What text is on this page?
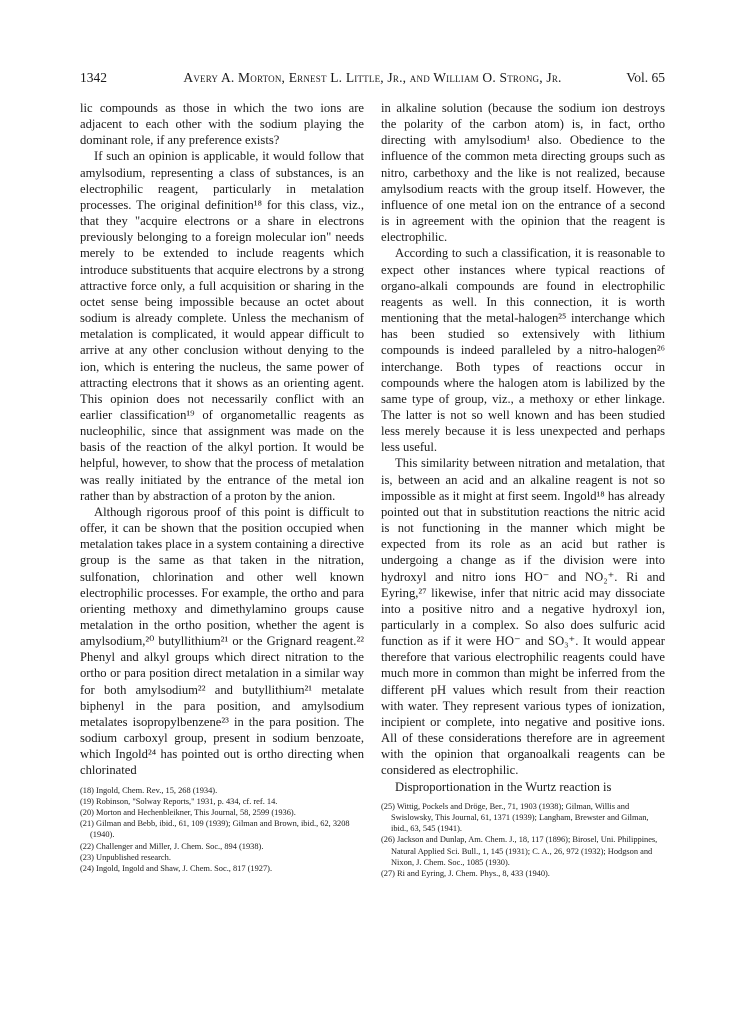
1342	Avery A. Morton, Ernest L. Little, Jr., and William O. Strong, Jr.	Vol. 65

lic compounds as those in which the two ions are adjacent to each other with the sodium playing the dominant role, if any preference exists?

If such an opinion is applicable, it would follow that amylsodium, representing a class of substances, is an electrophilic reagent, particularly in metalation processes. The original definition¹⁸ for this class, viz., that they "acquire electrons or a share in electrons previously belonging to a foreign molecular ion" needs merely to be extended to include reagents which introduce substituents that acquire electrons by a strong attractive force only, a full acquisition or sharing in the octet sense being impossible because an octet about sodium is already complete. Unless the mechanism of metalation is complicated, it would appear difficult to arrive at any other conclusion without denying to the ion, which is entering the nucleus, the same power of attracting electrons that it shows as an orienting agent. This opinion does not necessarily conflict with an earlier classification¹⁹ of organometallic reagents as nucleophilic, since that assignment was made on the basis of the reaction of the alkyl portion. It would be helpful, however, to show that the process of metalation was really initiated by the entrance of the metal ion rather than by abstraction of a proton by the anion.

Although rigorous proof of this point is difficult to offer, it can be shown that the position occupied when metalation takes place in a system containing a directive group is the same as that taken in the nitration, sulfonation, chlorination and other well known electrophilic processes. For example, the ortho and para orienting methoxy and dimethylamino groups cause metalation in the ortho position, whether the agent is amylsodium,²⁰ butyllithium²¹ or the Grignard reagent.²² Phenyl and alkyl groups which direct nitration to the ortho or para position direct metalation in a similar way for both amylsodium²² and butyllithium²¹ metalate biphenyl in the para position, and amylsodium metalates isopropylbenzene²³ in the para position. The sodium carboxyl group, present in sodium benzoate, which Ingold²⁴ has pointed out is ortho directing when chlorinated

(18) Ingold, Chem. Rev., 15, 268 (1934).
(19) Robinson, "Solway Reports," 1931, p. 434, cf. ref. 14.
(20) Morton and Hechenbleikner, This Journal, 58, 2599 (1936).
(21) Gilman and Bebb, ibid., 61, 109 (1939); Gilman and Brown, ibid., 62, 3208 (1940).
(22) Challenger and Miller, J. Chem. Soc., 894 (1938).
(23) Unpublished research.
(24) Ingold, Ingold and Shaw, J. Chem. Soc., 817 (1927).

in alkaline solution (because the sodium ion destroys the polarity of the carbon atom) is, in fact, ortho directing with amylsodium¹ also. Obedience to the influence of the common meta directing groups such as nitro, carbethoxy and the like is not realized, because amylsodium reacts with the group itself. However, the influence of one metal ion on the entrance of a second is in agreement with the opinion that the reagent is electrophilic.

According to such a classification, it is reasonable to expect other instances where typical reactions of organo-alkali compounds are found in electrophilic reagents as well. In this connection, it is worth mentioning that the metal-halogen²⁵ interchange which has been studied so extensively with lithium compounds is indeed paralleled by a nitro-halogen²⁶ interchange. Both types of reactions occur in compounds where the halogen atom is labilized by the same type of group, viz., a methoxy or ether linkage. The latter is not so well known and has been studied less merely because it is less unexpected and perhaps less useful.

This similarity between nitration and metalation, that is, between an acid and an alkaline reagent is not so impossible as it might at first seem. Ingold¹⁸ has already pointed out that in substitution reactions the nitric acid is not functioning in the manner which might be expected from its role as an acid but rather is undergoing a change as if the division were into hydroxyl and nitro ions HO⁻ and NO₂⁺. Ri and Eyring,²⁷ likewise, infer that nitric acid may dissociate into a positive nitro and a negative hydroxyl ion, particularly in a complex. So also does sulfuric acid function as if it were HO⁻ and SO₃⁺. It would appear therefore that various electrophilic reagents could have much more in common than might be inferred from the different pH values which result from their reaction with water. They represent various types of ionization, incipient or complete, into negative and positive ions. All of these considerations therefore are in agreement with the opinion that organoalkali reagents can be considered as electrophilic.

Disproportionation in the Wurtz reaction is

(25) Wittig, Pockels and Dröge, Ber., 71, 1903 (1938); Gilman, Willis and Swislowsky, This Journal, 61, 1371 (1939); Langham, Brewster and Gilman, ibid., 63, 545 (1941).
(26) Jackson and Dunlap, Am. Chem. J., 18, 117 (1896); Birosel, Uni. Philippines, Natural Applied Sci. Bull., 1, 145 (1931); C. A., 26, 972 (1932); Hodgson and Nixon, J. Chem. Soc., 1085 (1930).
(27) Ri and Eyring, J. Chem. Phys., 8, 433 (1940).
